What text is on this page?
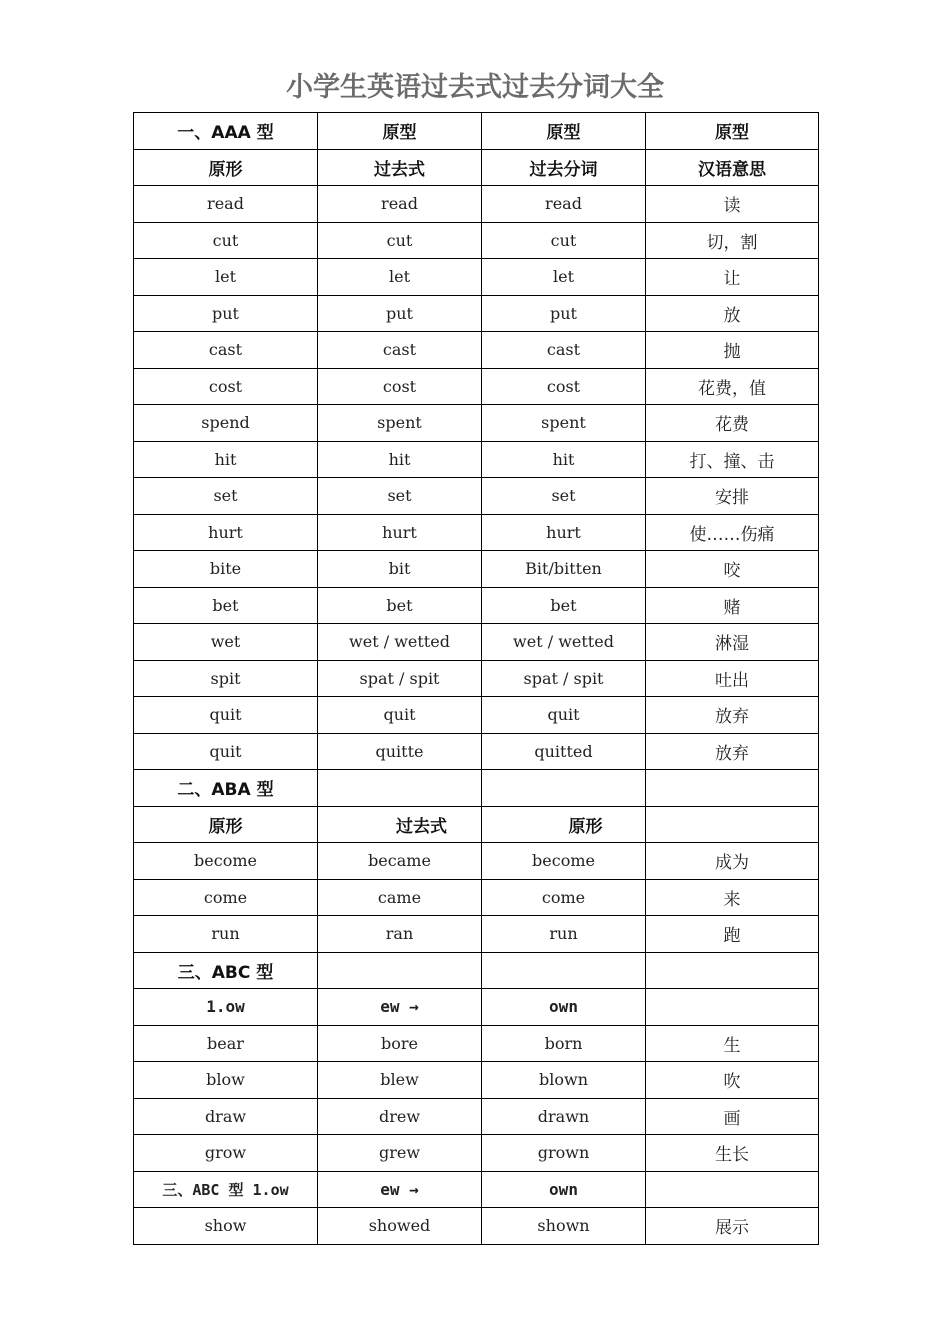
小学生英语过去式过去分词大全
一、AAA 型	原型	原型	原型
原形	过去式	过去分词	汉语意思
read	read	read	读
cut	cut	cut	切，割
let	let	let	让
put	put	put	放
cast	cast	cast	抛
cost	cost	cost	花费，值
spend	spent	spent	花费
hit	hit	hit	打、撞、击
set	set	set	安排
hurt	hurt	hurt	使……伤痛
bite	bit	Bit/bitten	咬
bet	bet	bet	赌
wet	wet / wetted	wet / wetted	淋湿
spit	spat / spit	spat / spit	吐出
quit	quit	quit	放弃
quit	quitte	quitted	放弃
二、ABA 型			
原形	过去式	原形	
become	became	become	成为
come	came	come	来
run	ran	run	跑
三、ABC 型			
1.ow	ew →	own	
bear	bore	born	生
blow	blew	blown	吹
draw	drew	drawn	画
grow	grew	grown	生长
三、ABC 型 1.ow	ew →	own	
show	showed	shown	展示
